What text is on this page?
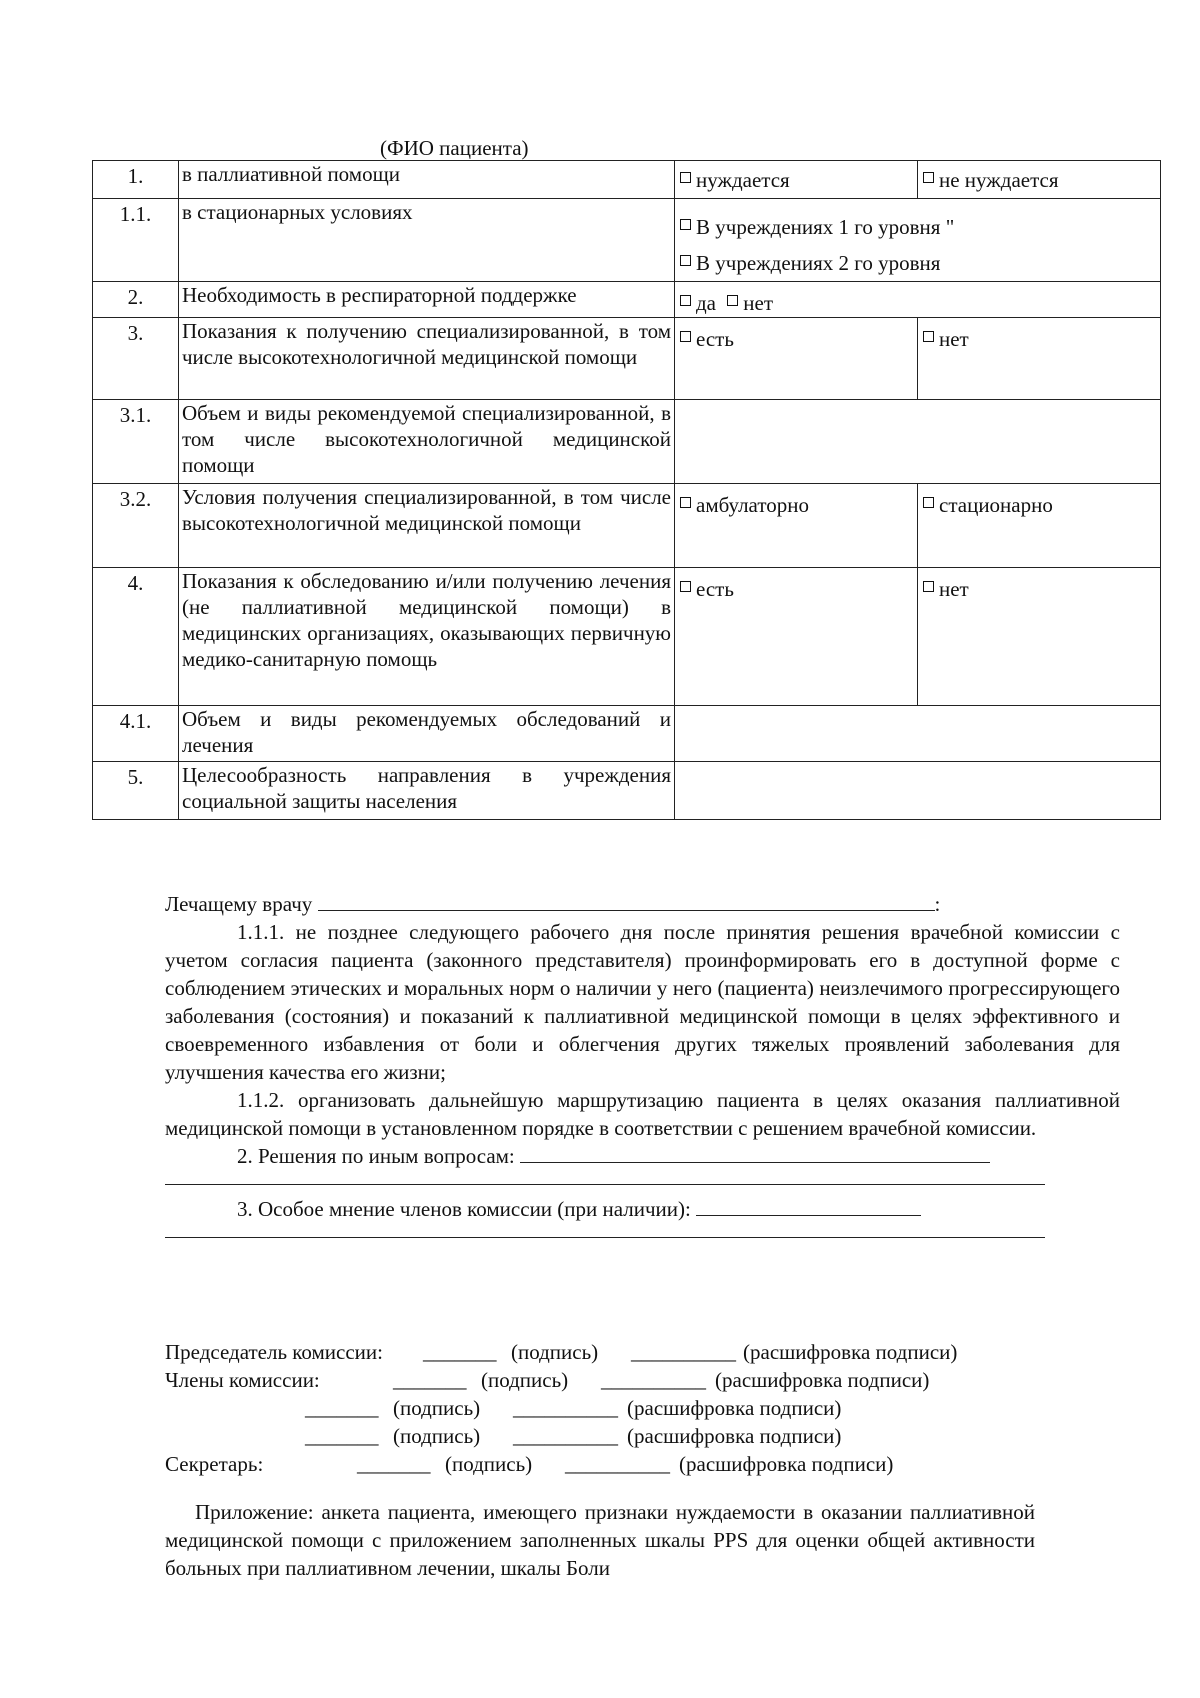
(ФИО пациента)
1.	в паллиативной помощи	нуждается	не нуждается
1.1.	в стационарных условиях	В учреждениях 1 го уровня "
В учреждениях 2 го уровня	

2.	Необходимость в респираторной поддержке	да нет	
3.	Показания к получению специализированной, в том числе высокотехнологичной медицинской помощи	есть	нет
3.1.	Объем и виды рекомендуемой специализированной, в том числе высокотехнологичной медицинской помощи		
3.2.	Условия получения специализированной, в том числе высокотехнологичной медицинской помощи	амбулаторно	стационарно
4.	Показания к обследованию и/или получению лечения (не паллиативной медицинской помощи) в медицинских организациях, оказывающих первичную медико-санитарную помощь	есть	нет
4.1.	Объем и виды рекомендуемых обследований и лечения		
5.	Целесообразность направления в учреждения социальной защиты населения		
Лечащему врачу	:

1.1.1. не позднее следующего рабочего дня после принятия решения врачебной комиссии с учетом согласия пациента (законного представителя) проинформировать его в доступной форме с соблюдением этических и моральных норм о наличии у него (пациента) неизлечимого прогрессирующего заболевания (состояния) и показаний к паллиативной медицинской помощи в целях эффективного и своевременного избавления от боли и облегчения других тяжелых проявлений заболевания для улучшения качества его жизни;

1.1.2. организовать дальнейшую маршрутизацию пациента в целях оказания паллиативной медицинской помощи в установленном порядке в соответствии с решением врачебной комиссии.

2. Решения по иным вопросам:
3. Особое мнение членов комиссии (при наличии):
Председатель комиссии: _______ (подпись) __________ (расшифровка подписи)
Члены комиссии:	_______ (подпись) __________ (расшифровка подписи)
_______ (подпись) __________ (расшифровка подписи)
_______ (подпись) __________ (расшифровка подписи)
Секретарь:	_______ (подпись) __________ (расшифровка подписи)

Приложение: анкета пациента, имеющего признаки нуждаемости в оказании паллиативной медицинской помощи с приложением заполненных шкалы PPS для оценки общей активности больных при паллиативном лечении, шкалы Боли
